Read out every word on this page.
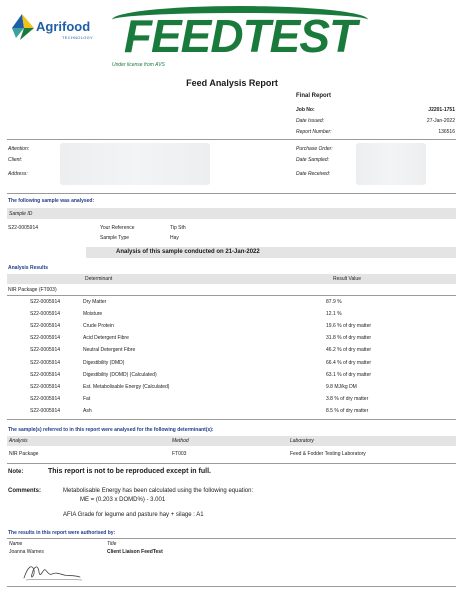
Agrifood
TECHNOLOGY FEEDTEST
Under license from AVS
Feed Analysis Report
Final Report
Job No:	J2201-1751
Date Issued:	27-Jan-2022
Report Number:	136516
Attention:
Client:
Address:
Purchase Order:
Date Sampled:
Date Received:
The following sample was analysed:
Sample ID
S22-0005914	Your Reference	Tip Sth
Sample Type	Hay
Analysis of this sample conducted on 21-Jan-2022
Analysis Results
Determinant	Result Value
NIR Package (FT003)
S22-0005914	Dry Matter	87.9 %
S22-0005914	Moisture	12.1 %
S22-0005914	Crude Protein	19.6 % of dry matter
S22-0005914	Acid Detergent Fibre	31.8 % of dry matter
S22-0005914	Neutral Detergent Fibre	46.2 % of dry matter
S22-0005914	Digestibility (DMD)	66.4 % of dry matter
S22-0005914	Digestibility (DOMD) (Calculated)	63.1 % of dry matter
S22-0005914	Est. Metabolisable Energy (Calculated)	9.8 MJ/kg DM
S22-0005914	Fat	3.8 % of dry matter
S22-0005914	Ash	8.5 % of dry matter
The sample(s) referred to in this report were analysed for the following determinant(s):
Analysis	Method	Laboratory
NIR Package	FT003	Feed & Fodder Testing Laboratory
Note:	This report is not to be reproduced except in full.
Comments:	Metabolisable Energy has been calculated using the following equation:
ME = (0.203 x DOMD%) - 3.001
AFIA Grade for legume and pasture hay + silage : A1
The results in this report were authorised by:
Name	Title
Joanna Warnes	Client Liaison FeedTest
